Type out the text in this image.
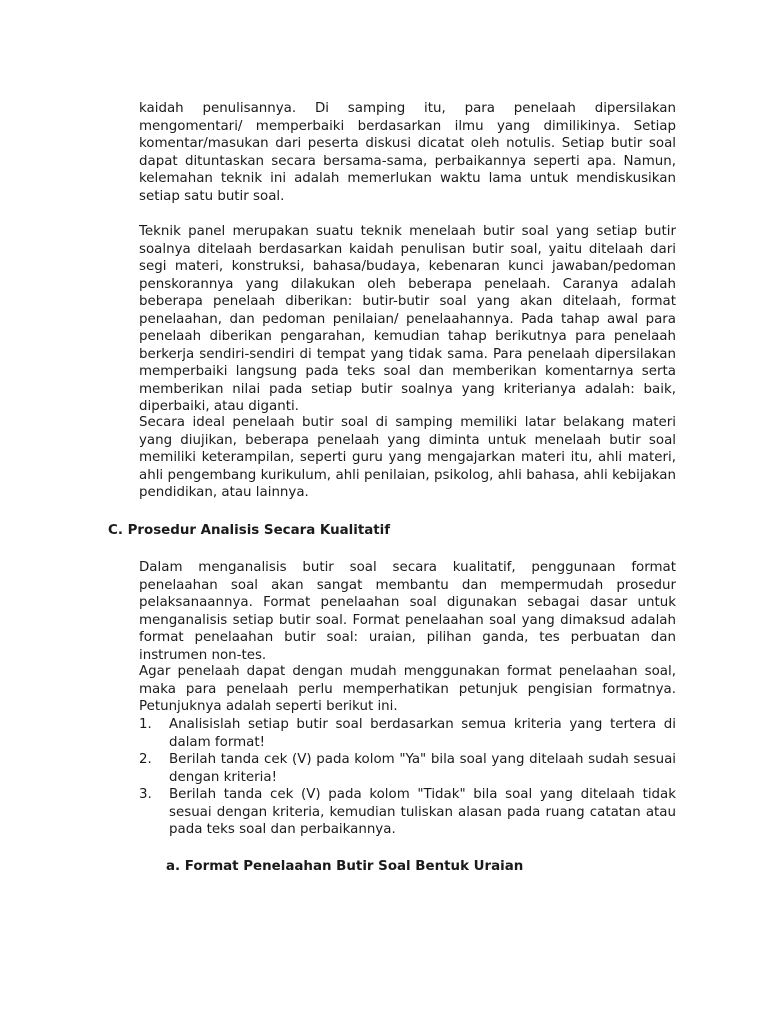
kaidah penulisannya. Di samping itu, para penelaah dipersilakan mengomentari/ memperbaiki berdasarkan ilmu yang dimilikinya. Setiap komentar/masukan dari peserta diskusi dicatat oleh notulis. Setiap butir soal dapat dituntaskan secara bersama-sama, perbaikannya seperti apa. Namun, kelemahan teknik ini adalah memerlukan waktu lama untuk mendiskusikan setiap satu butir soal.

Teknik panel merupakan suatu teknik menelaah butir soal yang setiap butir soalnya ditelaah berdasarkan kaidah penulisan butir soal, yaitu ditelaah dari segi materi, konstruksi, bahasa/budaya, kebenaran kunci jawaban/pedoman penskorannya yang dilakukan oleh beberapa penelaah. Caranya adalah beberapa penelaah diberikan: butir-butir soal yang akan ditelaah, format penelaahan, dan pedoman penilaian/ penelaahannya. Pada tahap awal para penelaah diberikan pengarahan, kemudian tahap berikutnya para penelaah berkerja sendiri-sendiri di tempat yang tidak sama. Para penelaah dipersilakan memperbaiki langsung pada teks soal dan memberikan komentarnya serta memberikan nilai pada setiap butir soalnya yang kriterianya adalah: baik, diperbaiki, atau diganti.

Secara ideal penelaah butir soal di samping memiliki latar belakang materi yang diujikan, beberapa penelaah yang diminta untuk menelaah butir soal memiliki keterampilan, seperti guru yang mengajarkan materi itu, ahli materi, ahli pengembang kurikulum, ahli penilaian, psikolog, ahli bahasa, ahli kebijakan pendidikan, atau lainnya.

C. Prosedur Analisis Secara Kualitatif

Dalam menganalisis butir soal secara kualitatif, penggunaan format penelaahan soal akan sangat membantu dan mempermudah prosedur pelaksanaannya. Format penelaahan soal digunakan sebagai dasar untuk menganalisis setiap butir soal. Format penelaahan soal yang dimaksud adalah format penelaahan butir soal: uraian, pilihan ganda, tes perbuatan dan instrumen non-tes.

Agar penelaah dapat dengan mudah menggunakan format penelaahan soal, maka para penelaah perlu memperhatikan petunjuk pengisian formatnya. Petunjuknya adalah seperti berikut ini.

1.	Analisislah setiap butir soal berdasarkan semua kriteria yang tertera di dalam format!
2.	Berilah tanda cek (V) pada kolom "Ya" bila soal yang ditelaah sudah sesuai dengan kriteria!
3.	Berilah tanda cek (V) pada kolom "Tidak" bila soal yang ditelaah tidak sesuai dengan kriteria, kemudian tuliskan alasan pada ruang catatan atau pada teks soal dan perbaikannya.
a. Format Penelaahan Butir Soal Bentuk Uraian
